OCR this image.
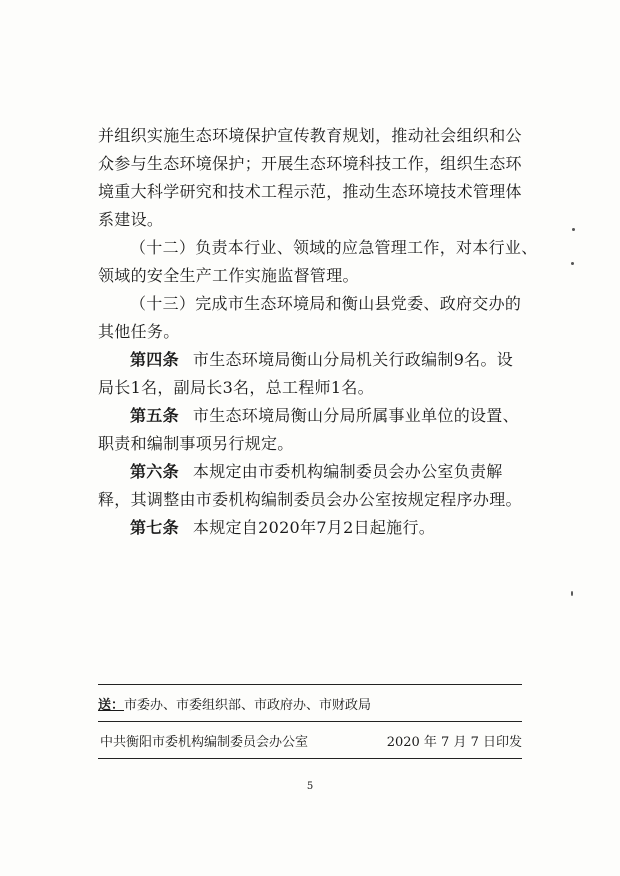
并组织实施生态环境保护宣传教育规划，推动社会组织和公
众参与生态环境保护；开展生态环境科技工作，组织生态环
境重大科学研究和技术工程示范，推动生态环境技术管理体
系建设。
（十二）负责本行业、领域的应急管理工作，对本行业、
领域的安全生产工作实施监督管理。
（十三）完成市生态环境局和衡山县党委、政府交办的
其他任务。
第四条 市生态环境局衡山分局机关行政编制9名。设
局长1名，副局长3名，总工程师1名。
第五条 市生态环境局衡山分局所属事业单位的设置、
职责和编制事项另行规定。
第六条 本规定由市委机构编制委员会办公室负责解
释，其调整由市委机构编制委员会办公室按规定程序办理。
第七条 本规定自2020年7月2日起施行。
送：市委办、市委组织部、市政府办、市财政局
中共衡阳市委机构编制委员会办公室	2020 年 7 月 7 日印发
5
